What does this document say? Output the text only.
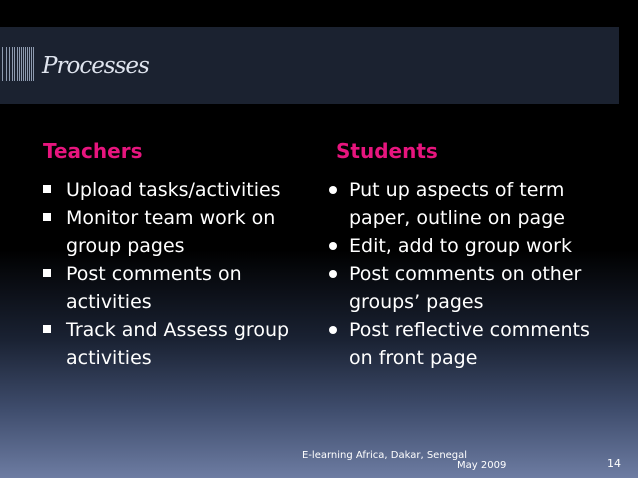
Processes
Teachers	Students
Upload tasks/activities
Monitor team work on
group pages
Post comments on
activities
Track and Assess group
activities
Put up aspects of term
paper, outline on page
Edit, add to group work
Post comments on other
groups’ pages
Post reflective comments
on front page
E-learning Africa, Dakar, Senegal
May 2009	14
